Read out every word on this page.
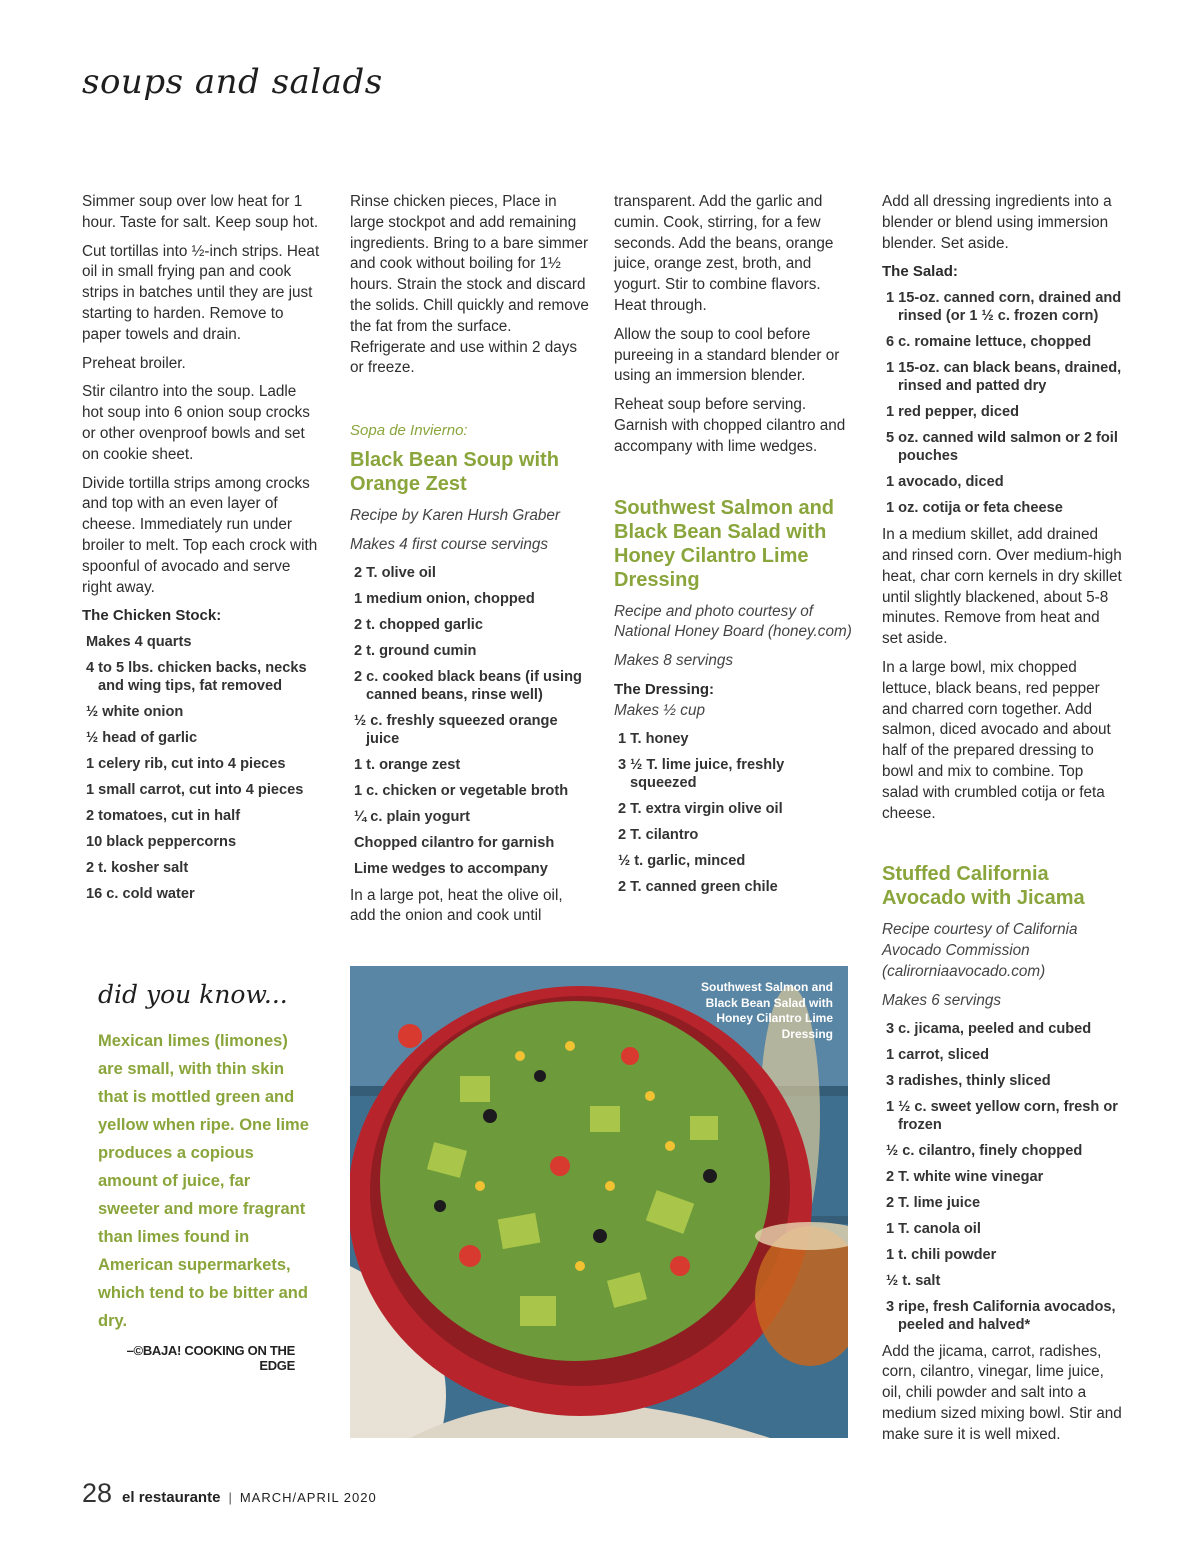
soups and salads

Simmer soup over low heat for 1 hour. Taste for salt. Keep soup hot.

Cut tortillas into ½-inch strips. Heat oil in small frying pan and cook strips in batches until they are just starting to harden. Remove to paper towels and drain.

Preheat broiler.

Stir cilantro into the soup. Ladle hot soup into 6 onion soup crocks or other ovenproof bowls and set on cookie sheet.

Divide tortilla strips among crocks and top with an even layer of cheese. Immediately run under broiler to melt. Top each crock with spoonful of avocado and serve right away.

The Chicken Stock:
Makes 4 quarts
4 to 5 lbs. chicken backs, necks and wing tips, fat removed
½ white onion
½ head of garlic
1 celery rib, cut into 4 pieces
1 small carrot, cut into 4 pieces
2 tomatoes, cut in half
10 black peppercorns
2 t. kosher salt
16 c. cold water

Rinse chicken pieces, Place in large stockpot and add remaining ingredients. Bring to a bare simmer and cook without boiling for 1½ hours. Strain the stock and discard the solids. Chill quickly and remove the fat from the surface. Refrigerate and use within 2 days or freeze.

Sopa de Invierno:
Black Bean Soup with Orange Zest

Recipe by Karen Hursh Graber

Makes 4 first course servings

2 T. olive oil
1 medium onion, chopped
2 t. chopped garlic
2 t. ground cumin
2 c. cooked black beans (if using canned beans, rinse well)
½ c. freshly squeezed orange juice
1 t. orange zest
1 c. chicken or vegetable broth
¼ c. plain yogurt
Chopped cilantro for garnish
Lime wedges to accompany

In a large pot, heat the olive oil, add the onion and cook until

transparent. Add the garlic and cumin. Cook, stirring, for a few seconds. Add the beans, orange juice, orange zest, broth, and yogurt. Stir to combine flavors. Heat through.

Allow the soup to cool before pureeing in a standard blender or using an immersion blender.

Reheat soup before serving. Garnish with chopped cilantro and accompany with lime wedges.

Southwest Salmon and Black Bean Salad with Honey Cilantro Lime Dressing

Recipe and photo courtesy of National Honey Board (honey.com)

Makes 8 servings

The Dressing:

Makes ½ cup

1 T. honey
3 ½ T. lime juice, freshly squeezed
2 T. extra virgin olive oil
2 T. cilantro
½ t. garlic, minced
2 T. canned green chile

Add all dressing ingredients into a blender or blend using immersion blender. Set aside.

The Salad:
1 15-oz. canned corn, drained and rinsed (or 1 ½ c. frozen corn)
6 c. romaine lettuce, chopped
1 15-oz. can black beans, drained, rinsed and patted dry
1 red pepper, diced
5 oz. canned wild salmon or 2 foil pouches
1 avocado, diced
1 oz. cotija or feta cheese

In a medium skillet, add drained and rinsed corn. Over medium-high heat, char corn kernels in dry skillet until slightly blackened, about 5-8 minutes. Remove from heat and set aside.

In a large bowl, mix chopped lettuce, black beans, red pepper and charred corn together. Add salmon, diced avocado and about half of the prepared dressing to bowl and mix to combine. Top salad with crumbled cotija or feta cheese.

Stuffed California Avocado with Jicama

Recipe courtesy of California Avocado Commission (calirorniaavocado.com)

Makes 6 servings

3 c. jicama, peeled and cubed
1 carrot, sliced
3 radishes, thinly sliced
1 ½ c. sweet yellow corn, fresh or frozen
½ c. cilantro, finely chopped
2 T. white wine vinegar
2 T. lime juice
1 T. canola oil
1 t. chili powder
½ t. salt
3 ripe, fresh California avocados, peeled and halved*

Add the jicama, carrot, radishes, corn, cilantro, vinegar, lime juice, oil, chili powder and salt into a medium sized mixing bowl. Stir and make sure it is well mixed.

did you know...

Mexican limes (limones) are small, with thin skin that is mottled green and yellow when ripe. One lime produces a copious amount of juice, far sweeter and more fragrant than limes found in American supermarkets, which tend to be bitter and dry.

–©BAJA! COOKING ON THE EDGE
Southwest Salmon and Black Bean Salad with Honey Cilantro Lime Dressing
28 el restaurante | MARCH/APRIL 2020
